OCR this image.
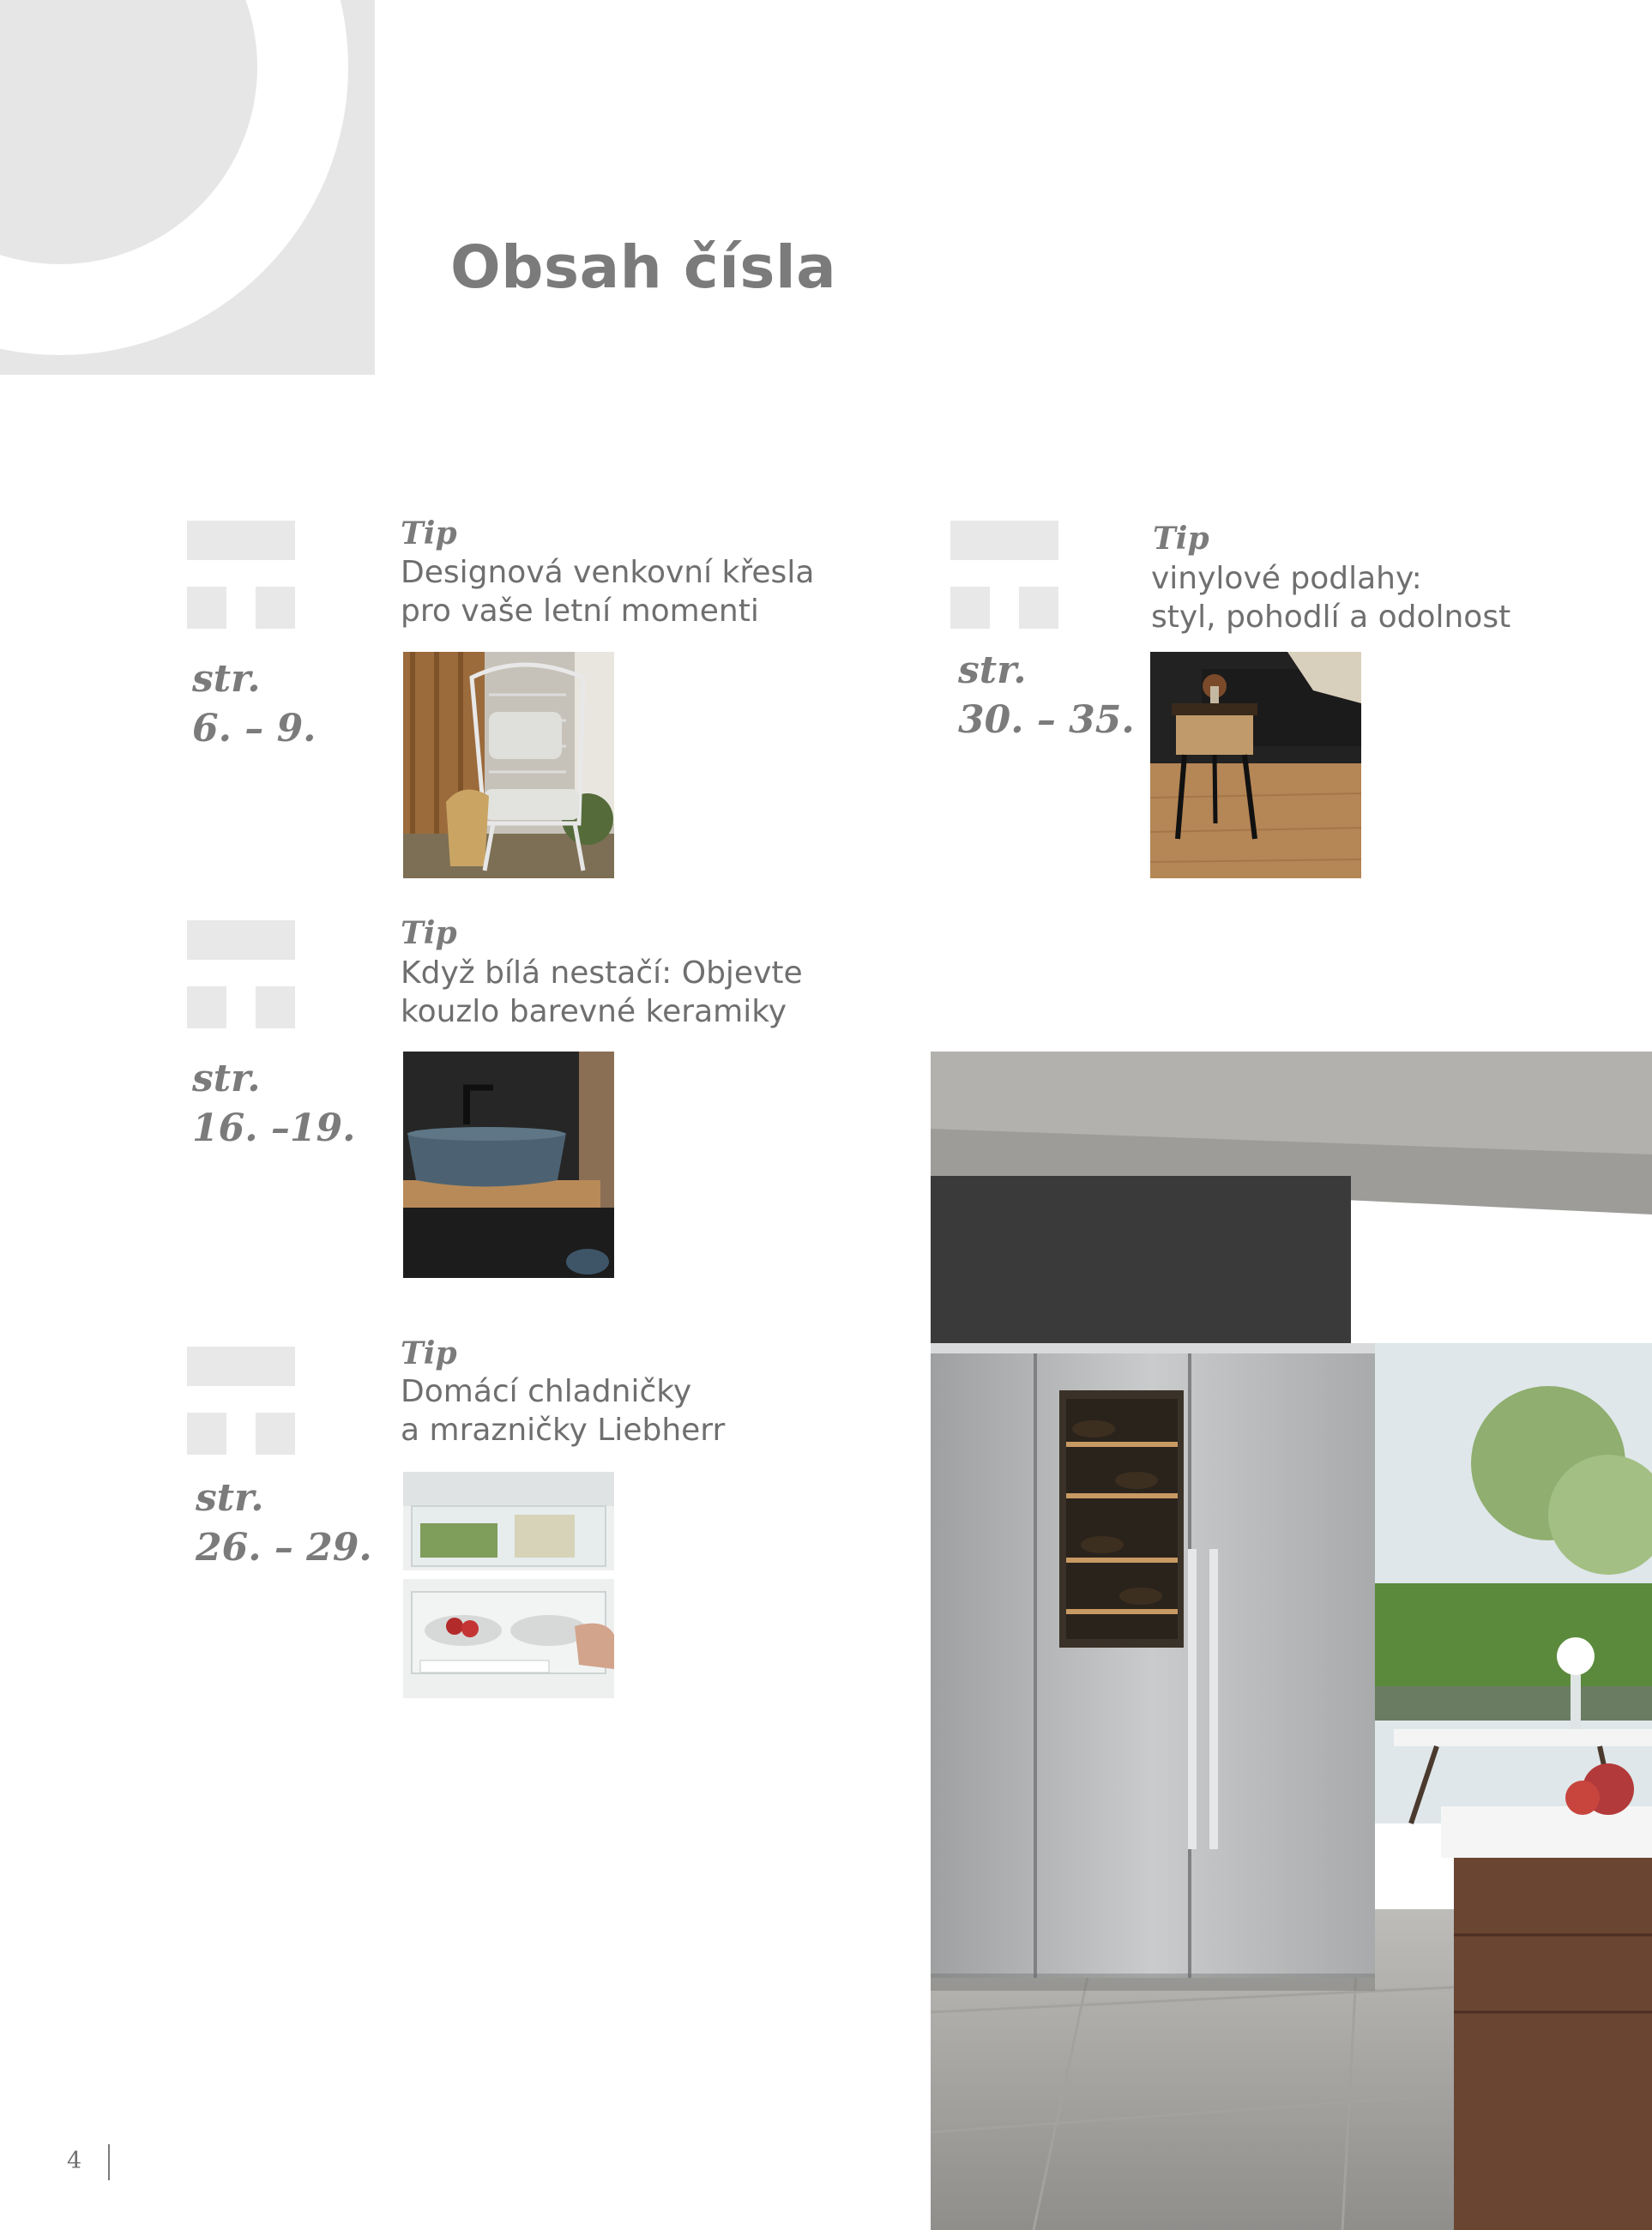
Obsah čísla
Tip
Designová venkovní křesla
pro vaše letní momenti
str.
6. – 9.
Tip
vinylové podlahy:
styl, pohodlí a odolnost
str.
30. – 35.
Tip
Když bílá nestačí: Objevte
kouzlo barevné keramiky
str.
16. –19.
Tip
Domácí chladničky
a mrazničky Liebherr
str.
26. – 29.
4
